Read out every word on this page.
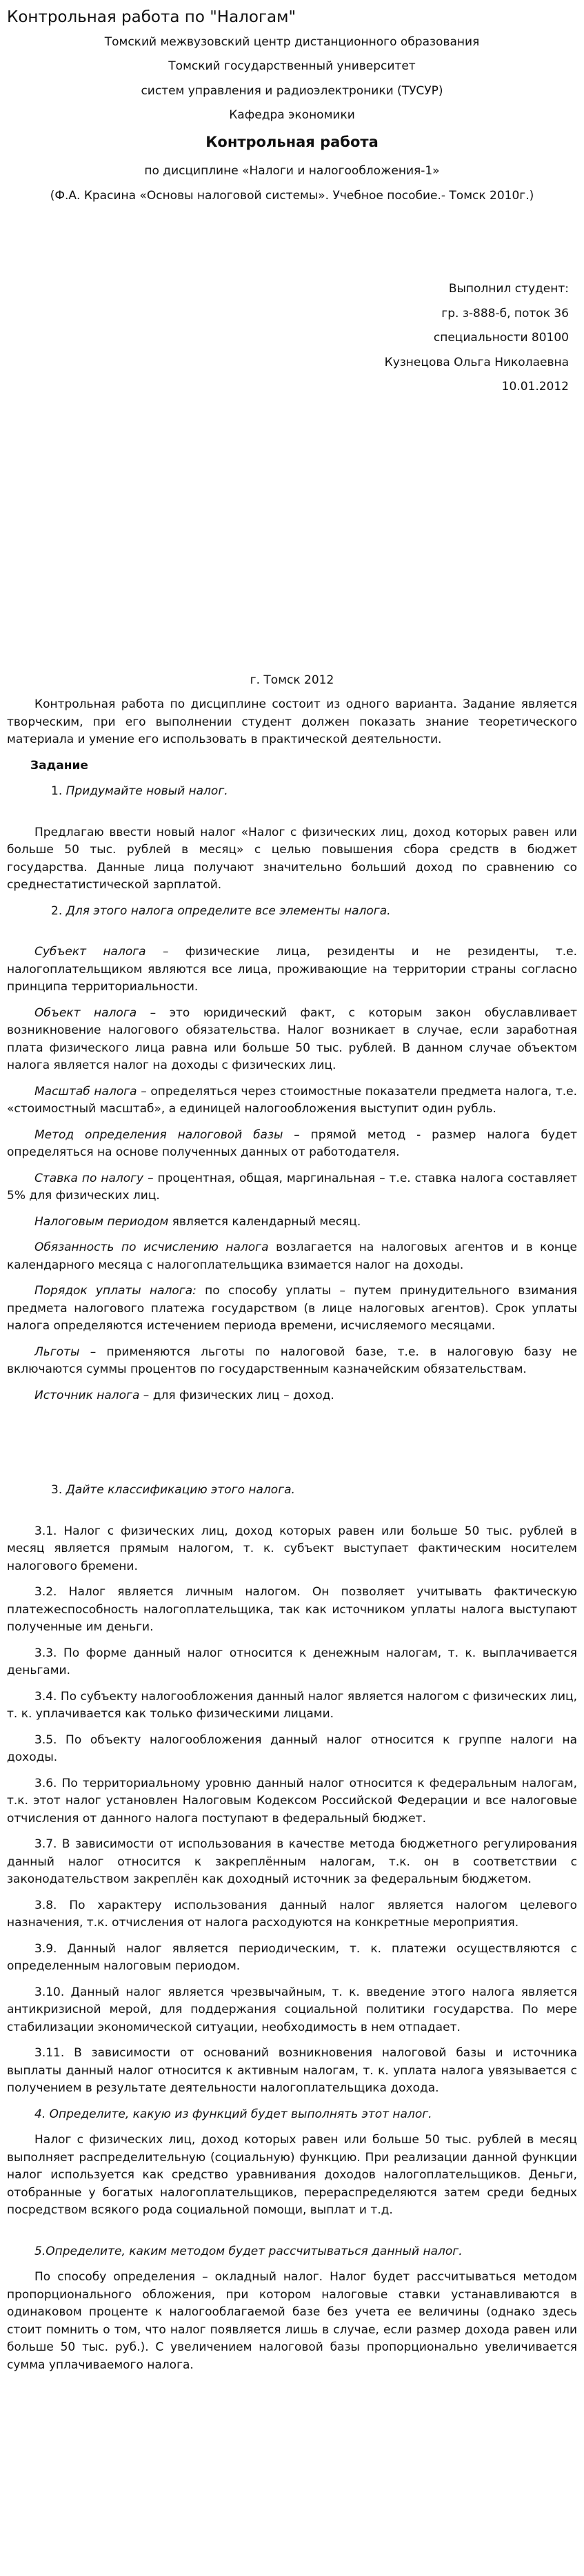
Контрольная работа по "Налогам"
Томский межвузовский центр дистанционного образования
Томский государственный университет
систем управления и радиоэлектроники (ТУСУР)
Кафедра экономики
Контрольная работа
по дисциплине «Налоги и налогообложения-1»
(Ф.А. Красина «Основы налоговой системы». Учебное пособие.- Томск 2010г.)
Выполнил студент:
гр. з-888-б, поток 36
специальности 80100
Кузнецова Ольга Николаевна
10.01.2012
г. Томск 2012

Контрольная работа по дисциплине состоит из одного варианта. Задание является творческим, при его выполнении студент должен показать знание теоретического материала и умение его использовать в практической деятельности.

Задание
1. Придумайте новый налог.

Предлагаю ввести новый налог «Налог с физических лиц, доход которых равен или больше 50 тыс. рублей в месяц» с целью повышения сбора средств в бюджет государства. Данные лица получают значительно больший доход по сравнению со среднестатистической зарплатой.

2. Для этого налога определите все элементы налога.

Субъект налога – физические лица, резиденты и не резиденты, т.е. налогоплательщиком являются все лица, проживающие на территории страны согласно принципа территориальности.

Объект налога – это юридический факт, с которым закон обуславливает возникновение налогового обязательства. Налог возникает в случае, если заработная плата физического лица равна или больше 50 тыс. рублей. В данном случае объектом налога является налог на доходы с физических лиц.

Масштаб налога – определяться через стоимостные показатели предмета налога, т.е. «стоимостный масштаб», а единицей налогообложения выступит один рубль.

Метод определения налоговой базы – прямой метод - размер налога будет определяться на основе полученных данных от работодателя.

Ставка по налогу – процентная, общая, маргинальная – т.е. ставка налога составляет 5% для физических лиц.

Налоговым периодом является календарный месяц.

Обязанность по исчислению налога возлагается на налоговых агентов и в конце календарного месяца с налогоплательщика взимается налог на доходы.

Порядок уплаты налога: по способу уплаты – путем принудительного взимания предмета налогового платежа государством (в лице налоговых агентов). Срок уплаты налога определяются истечением периода времени, исчисляемого месяцами.

Льготы – применяются льготы по налоговой базе, т.е. в налоговую базу не включаются суммы процентов по государственным казначейским обязательствам.

Источник налога – для физических лиц – доход.

3. Дайте классификацию этого налога.

3.1. Налог с физических лиц, доход которых равен или больше 50 тыс. рублей в месяц является прямым налогом, т. к. субъект выступает фактическим носителем налогового бремени.

3.2. Налог является личным налогом. Он позволяет учитывать фактическую платежеспособность налогоплательщика, так как источником уплаты налога выступают полученные им деньги.

3.3. По форме данный налог относится к денежным налогам, т. к. выплачивается деньгами.

3.4. По субъекту налогообложения данный налог является налогом с физических лиц, т. к. уплачивается как только физическими лицами.

3.5. По объекту налогообложения данный налог относится к группе налоги на доходы.

3.6. По территориальному уровню данный налог относится к федеральным налогам, т.к. этот налог установлен Налоговым Кодексом Российской Федерации и все налоговые отчисления от данного налога поступают в федеральный бюджет.

3.7. В зависимости от использования в качестве метода бюджетного регулирования данный налог относится к закреплённым налогам, т.к. он в соответствии с законодательством закреплён как доходный источник за федеральным бюджетом.

3.8. По характеру использования данный налог является налогом целевого назначения, т.к. отчисления от налога расходуются на конкретные мероприятия.

3.9. Данный налог является периодическим, т. к. платежи осуществляются с определенным налоговым периодом.

3.10. Данный налог является чрезвычайным, т. к. введение этого налога является антикризисной мерой, для поддержания социальной политики государства. По мере стабилизации экономической ситуации, необходимость в нем отпадает.

3.11. В зависимости от оснований возникновения налоговой базы и источника выплаты данный налог относится к активным налогам, т. к. уплата налога увязывается с получением в результате деятельности налогоплательщика дохода.

4. Определите, какую из функций будет выполнять этот налог.

Налог с физических лиц, доход которых равен или больше 50 тыс. рублей в месяц выполняет распределительную (социальную) функцию. При реализации данной функции налог используется как средство уравнивания доходов налогоплательщиков. Деньги, отобранные у богатых налогоплательщиков, перераспределяются затем среди бедных посредством всякого рода социальной помощи, выплат и т.д.

5.Определите, каким методом будет рассчитываться данный налог.

По способу определения – окладный налог. Налог будет рассчитываться методом пропорционального обложения, при котором налоговые ставки устанавливаются в одинаковом проценте к налогооблагаемой базе без учета ее величины (однако здесь стоит помнить о том, что налог появляется лишь в случае, если размер дохода равен или больше 50 тыс. руб.). С увеличением налоговой базы пропорционально увеличивается сумма уплачиваемого налога.
